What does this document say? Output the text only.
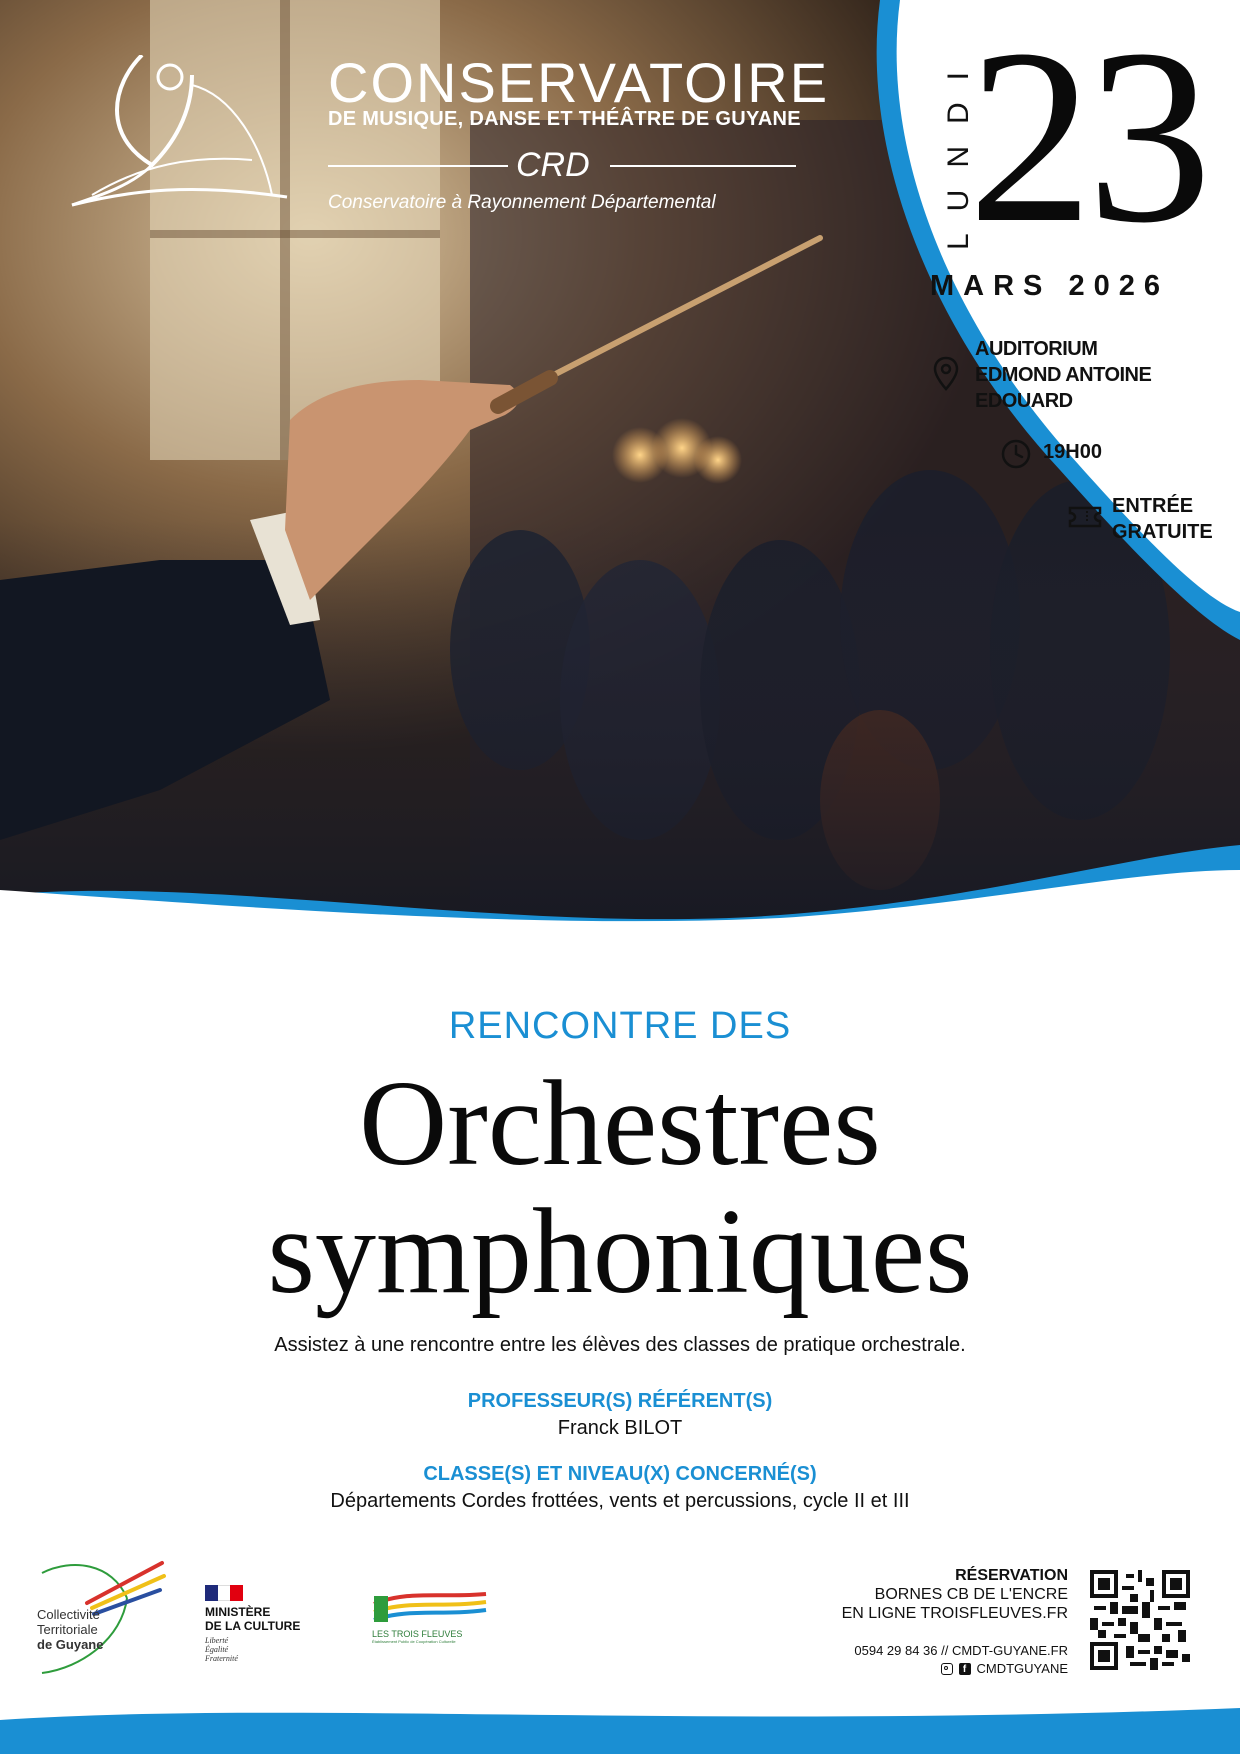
CONSERVATOIRE
DE MUSIQUE, DANSE ET THÉÂTRE DE GUYANE
CRD
Conservatoire à Rayonnement Départemental	LUNDI
23
MARS 2026
AUDITORIUM
EDMOND ANTOINE
EDOUARD
19H00
ENTRÉE
GRATUITE
RENCONTRE DES
Orchestres
symphoniques
Assistez à une rencontre entre les élèves des classes de pratique orchestrale.
PROFESSEUR(S) RÉFÉRENT(S)
Franck BILOT
CLASSE(S) ET NIVEAU(X) CONCERNÉ(S)
Départements Cordes frottées, vents et percussions, cycle II et III
Collectivité
Territoriale
de Guyane
MINISTÈRE
DE LA CULTURE
Liberté
Égalité
Fraternité
LES TROIS FLEUVES
Établissement Public de Coopération Culturelle
RÉSERVATION
BORNES CB DE L'ENCRE
EN LIGNE TROISFLEUVES.FR
0594 29 84 36 // CMDT-GUYANE.FR
f CMDTGUYANE
